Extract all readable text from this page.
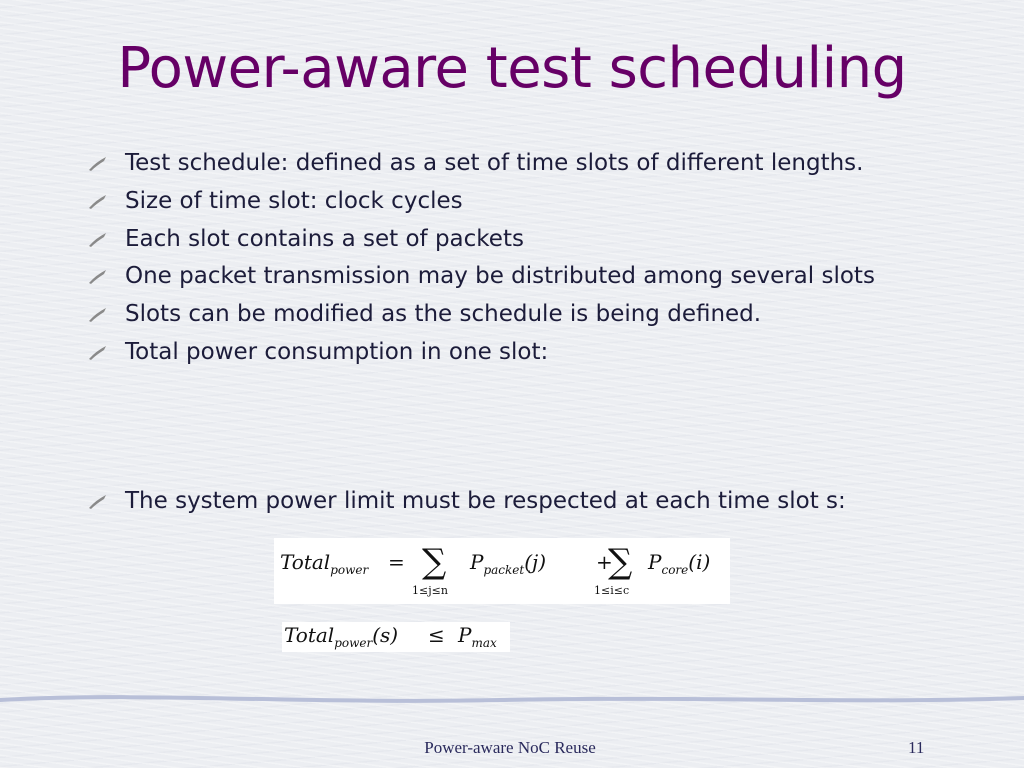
Power-aware test scheduling
Test schedule: defined as a set of time slots of different lengths.
Size of time slot: clock cycles
Each slot contains a set of packets
One packet transmission may be distributed among several slots
Slots can be modified as the schedule is being defined.
Total power consumption in one slot:
The system power limit must be respected at each time slot s:
Total$_{power}$ = ∑
1≤j≤n
$P_{packet}(j)$ +
∑
1≤i≤c
$P_{core}(i)$
Total$_{power}$(s) ≤ $P_{max}$
Power-aware NoC Reuse	11
